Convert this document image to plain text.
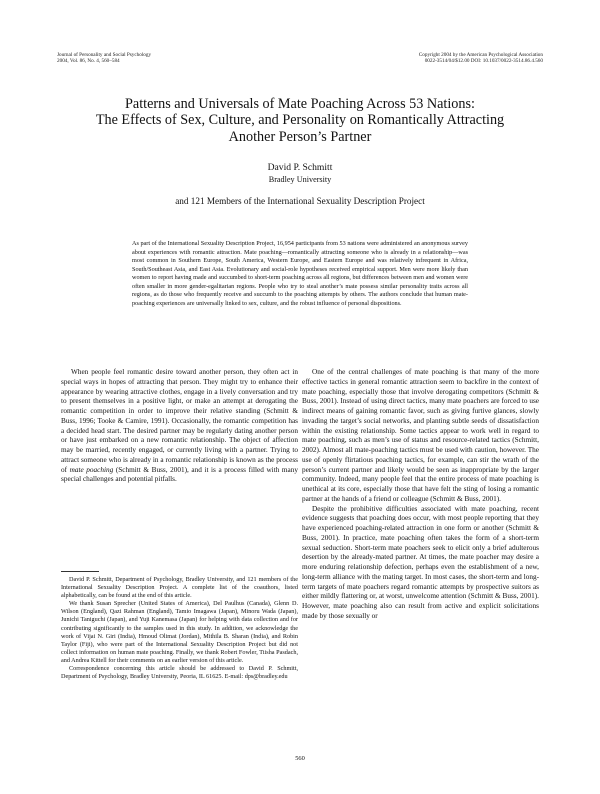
Journal of Personality and Social Psychology
2004, Vol. 86, No. 4, 560–584
Copyright 2004 by the American Psychological Association
0022-3514/04/$12.00 DOI: 10.1037/0022-3514.86.4.560
Patterns and Universals of Mate Poaching Across 53 Nations:
The Effects of Sex, Culture, and Personality on Romantically Attracting
Another Person’s Partner
David P. Schmitt
Bradley University
and 121 Members of the International Sexuality Description Project

As part of the International Sexuality Description Project, 16,954 participants from 53 nations were administered an anonymous survey about experiences with romantic attraction. Mate poaching—romantically attracting someone who is already in a relationship—was most common in Southern Europe, South America, Western Europe, and Eastern Europe and was relatively infrequent in Africa, South/Southeast Asia, and East Asia. Evolutionary and social-role hypotheses received empirical support. Men were more likely than women to report having made and succumbed to short-term poaching across all regions, but differences between men and women were often smaller in more gender-egalitarian regions. People who try to steal another’s mate possess similar personality traits across all regions, as do those who frequently receive and succumb to the poaching attempts by others. The authors conclude that human mate-poaching experiences are universally linked to sex, culture, and the robust influence of personal dispositions.

When people feel romantic desire toward another person, they often act in special ways in hopes of attracting that person. They might try to enhance their appearance by wearing attractive clothes, engage in a lively conversation and try to present themselves in a positive light, or make an attempt at derogating the romantic competition in order to improve their relative standing (Schmitt & Buss, 1996; Tooke & Camire, 1991). Occasionally, the romantic competition has a decided head start. The desired partner may be regularly dating another person or have just embarked on a new romantic relationship. The object of affection may be married, recently engaged, or currently living with a partner. Trying to attract someone who is already in a romantic relationship is known as the process of mate poaching (Schmitt & Buss, 2001), and it is a process filled with many special challenges and potential pitfalls.

David P. Schmitt, Department of Psychology, Bradley University, and 121 members of the International Sexuality Description Project. A complete list of the coauthors, listed alphabetically, can be found at the end of this article.

We thank Susan Sprecher (United States of America), Del Paulhus (Canada), Glenn D. Wilson (England), Qazi Rahman (England), Tamio Imagawa (Japan), Minoru Wada (Japan), Junichi Taniguchi (Japan), and Yuji Kanemasa (Japan) for helping with data collection and for contributing significantly to the samples used in this study. In addition, we acknowledge the work of Vijai N. Giri (India), Hmoud Olimat (Jordan), Mithila B. Sharan (India), and Robin Taylor (Fiji), who were part of the International Sexuality Description Project but did not collect information on human mate poaching. Finally, we thank Robert Fowler, Tiisha Pasdach, and Andrea Kittell for their comments on an earlier version of this article.

Correspondence concerning this article should be addressed to David P. Schmitt, Department of Psychology, Bradley University, Peoria, IL 61625. E-mail: dps@bradley.edu

One of the central challenges of mate poaching is that many of the more effective tactics in general romantic attraction seem to backfire in the context of mate poaching, especially those that involve derogating competitors (Schmitt & Buss, 2001). Instead of using direct tactics, many mate poachers are forced to use indirect means of gaining romantic favor, such as giving furtive glances, slowly invading the target’s social networks, and planting subtle seeds of dissatisfaction within the existing relationship. Some tactics appear to work well in regard to mate poaching, such as men’s use of status and resource-related tactics (Schmitt, 2002). Almost all mate-poaching tactics must be used with caution, however. The use of openly flirtatious poaching tactics, for example, can stir the wrath of the person’s current partner and likely would be seen as inappropriate by the larger community. Indeed, many people feel that the entire process of mate poaching is unethical at its core, especially those that have felt the sting of losing a romantic partner at the hands of a friend or colleague (Schmitt & Buss, 2001).

Despite the prohibitive difficulties associated with mate poaching, recent evidence suggests that poaching does occur, with most people reporting that they have experienced poaching-related attraction in one form or another (Schmitt & Buss, 2001). In practice, mate poaching often takes the form of a short-term sexual seduction. Short-term mate poachers seek to elicit only a brief adulterous desertion by the already-mated partner. At times, the mate poacher may desire a more enduring relationship defection, perhaps even the establishment of a new, long-term alliance with the mating target. In most cases, the short-term and long-term targets of mate poachers regard romantic attempts by prospective suitors as either mildly flattering or, at worst, unwelcome attention (Schmitt & Buss, 2001). However, mate poaching also can result from active and explicit solicitations made by those sexually or

560
